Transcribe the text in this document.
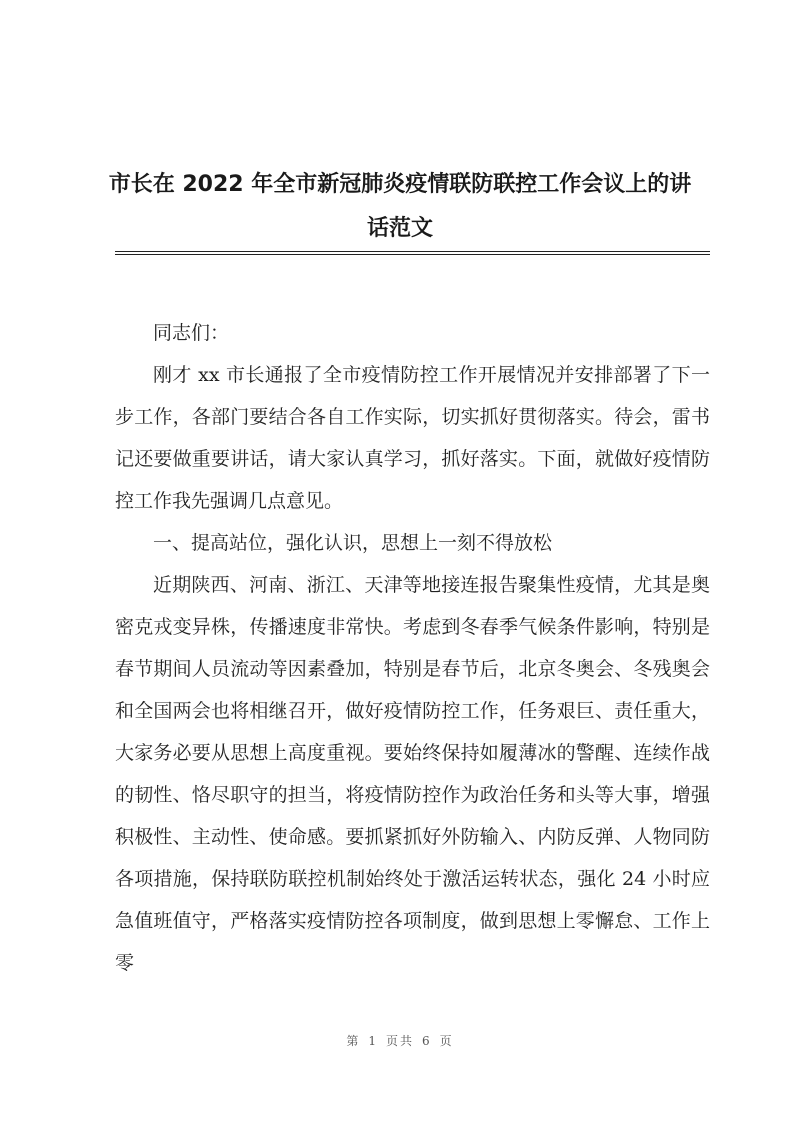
市长在 2022 年全市新冠肺炎疫情联防联控工作会议上的讲话范文

同志们：

刚才 xx 市长通报了全市疫情防控工作开展情况并安排部署了下一步工作，各部门要结合各自工作实际，切实抓好贯彻落实。待会，雷书记还要做重要讲话，请大家认真学习，抓好落实。下面，就做好疫情防控工作我先强调几点意见。

一、提高站位，强化认识，思想上一刻不得放松

近期陕西、河南、浙江、天津等地接连报告聚集性疫情，尤其是奥密克戎变异株，传播速度非常快。考虑到冬春季气候条件影响，特别是春节期间人员流动等因素叠加，特别是春节后，北京冬奥会、冬残奥会和全国两会也将相继召开，做好疫情防控工作，任务艰巨、责任重大，大家务必要从思想上高度重视。要始终保持如履薄冰的警醒、连续作战的韧性、恪尽职守的担当，将疫情防控作为政治任务和头等大事，增强积极性、主动性、使命感。要抓紧抓好外防输入、内防反弹、人物同防各项措施，保持联防联控机制始终处于激活运转状态，强化 24 小时应急值班值守，严格落实疫情防控各项制度，做到思想上零懈怠、工作上零

第 1 页共 6 页
